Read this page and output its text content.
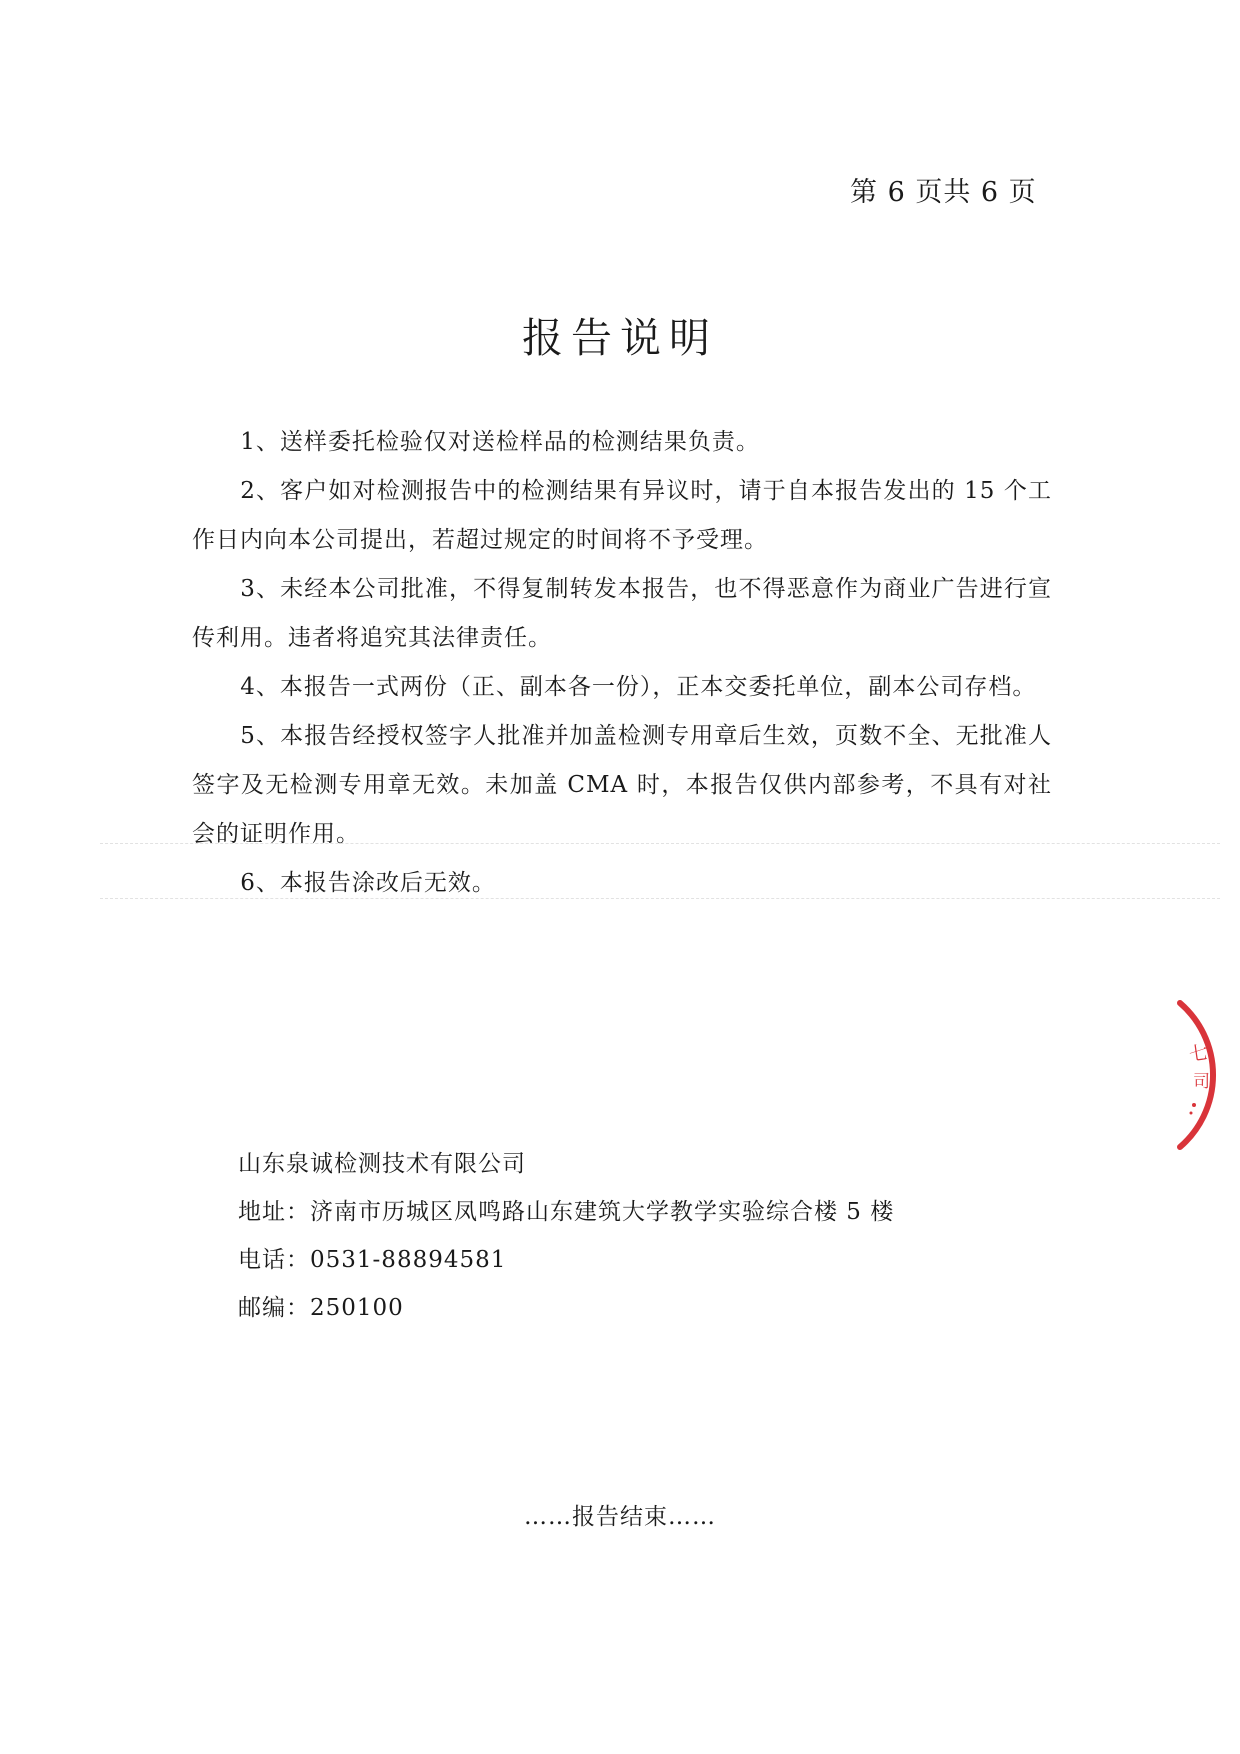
第 6 页共 6 页
报告说明

1、送样委托检验仅对送检样品的检测结果负责。

2、客户如对检测报告中的检测结果有异议时，请于自本报告发出的 15 个工作日内向本公司提出，若超过规定的时间将不予受理。

3、未经本公司批准，不得复制转发本报告，也不得恶意作为商业广告进行宣传利用。违者将追究其法律责任。

4、本报告一式两份（正、副本各一份），正本交委托单位，副本公司存档。

5、本报告经授权签字人批准并加盖检测专用章后生效，页数不全、无批准人签字及无检测专用章无效。未加盖 CMA 时，本报告仅供内部参考，不具有对社会的证明作用。

6、本报告涂改后无效。

山东泉诚检测技术有限公司

地址：济南市历城区凤鸣路山东建筑大学教学实验综合楼 5 楼

电话：0531-88894581

邮编：250100

……报告结束……
七
司
